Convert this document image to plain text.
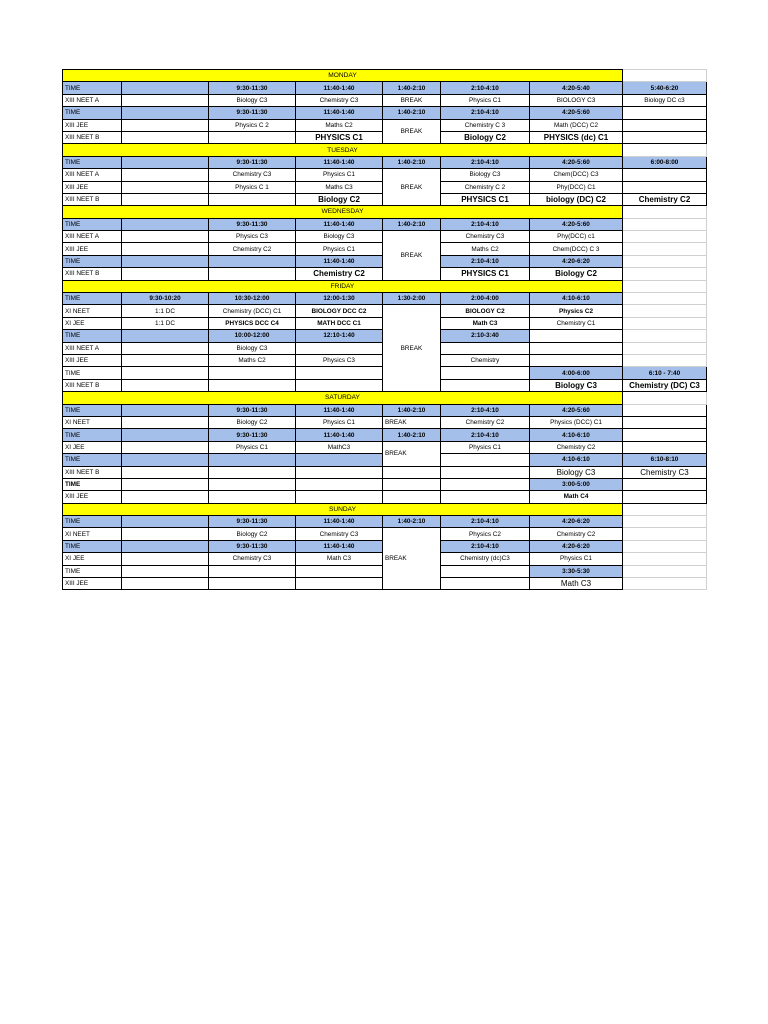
MONDAY							
TIME		9:30-11:30	11:40-1:40	1:40-2:10	2:10-4:10	4:20-5:40	5:40-6:20
XIII NEET A		Biology C3	Chemistry C3	BREAK	Physics C1	BIOLOGY C3	Biology DC c3
TIME		9:30-11:30	11:40-1:40	1:40-2:10	2:10-4:10	4:20-5:60	
XIII JEE		Physics C 2	Maths C2	BREAK	Chemistry C 3	Math (DCC) C2	
XIII NEET B			PHYSICS C1		Biology C2	PHYSICS (dc) C1	
TUESDAY							
TIME		9:30-11:30	11:40-1:40	1:40-2:10	2:10-4:10	4:20-5:60	6:00-8:00
XIII NEET A		Chemistry C3	Physics C1	BREAK	Biology C3	Chem(DCC) C3	
XIII JEE		Physics C 1	Maths C3		Chemistry C 2	Phy(DCC) C1	
XIII NEET B			Biology C2		PHYSICS C1	biology (DC) C2	Chemistry C2
WEDNESDAY							
TIME		9:30-11:30	11:40-1:40	1:40-2:10	2:10-4:10	4:20-5:60	
XIII NEET A		Physics C3	Biology C3	BREAK	Chemistry C3	Phy(DCC) c1	
XIII JEE		Chemistry C2	Physics C1		Maths C2	Chem(DCC) C 3	
TIME			11:40-1:40		2:10-4:10	4:20-6:20	
XIII NEET B			Chemistry C2		PHYSICS C1	Biology C2	
FRIDAY							
TIME	9:30-10:20	10:30-12:00	12:00-1:30	1:30-2:00	2:00-4:00	4:10-6:10	
XI NEET	1:1 DC	Chemistry (DCC) C1	BIOLOGY DCC C2	BREAK	BIOLOGY C2	Physics C2	
XI JEE	1:1 DC	PHYSICS DCC C4	MATH DCC C1		Math C3	Chemistry C1	
TIME		10:00-12:00	12:10-1:40		2:10-3:40		
XIII NEET A		Biology C3					
XIII JEE		Maths C2	Physics C3		Chemistry		
TIME						4:00-6:00	6:10 - 7:40
XIII NEET B						Biology C3	Chemistry (DC) C3
SATURDAY							
TIME		9:30-11:30	11:40-1:40	1:40-2:10	2:10-4:10	4:20-5:60	
XI NEET		Biology C2	Physics C1	BREAK	Chemistry C2	Physics (DCC) C1	
TIME		9:30-11:30	11:40-1:40	1:40-2:10	2:10-4:10	4:10-6:10	
XI JEE		Physics C1	MathC3	BREAK	Physics C1	Chemistry C2	
TIME						4:10-6:10	6:10-8:10
XIII NEET B						Biology C3	Chemistry C3
TIME						3:00-5:00	
XIII JEE						Math C4	
SUNDAY							
TIME		9:30-11:30	11:40-1:40	1:40-2:10	2:10-4:10	4:20-6:20	
XI NEET		Biology C2	Chemistry C3	BREAK	Physics C2	Chemistry C2	
TIME		9:30-11:30	11:40-1:40		2:10-4:10	4:20-6:20	
XI JEE		Chemistry C3	Math C3		Chemistry (dc)C3	Physics C1	
TIME						3:30-5:30	
XIII JEE						Math C3	
